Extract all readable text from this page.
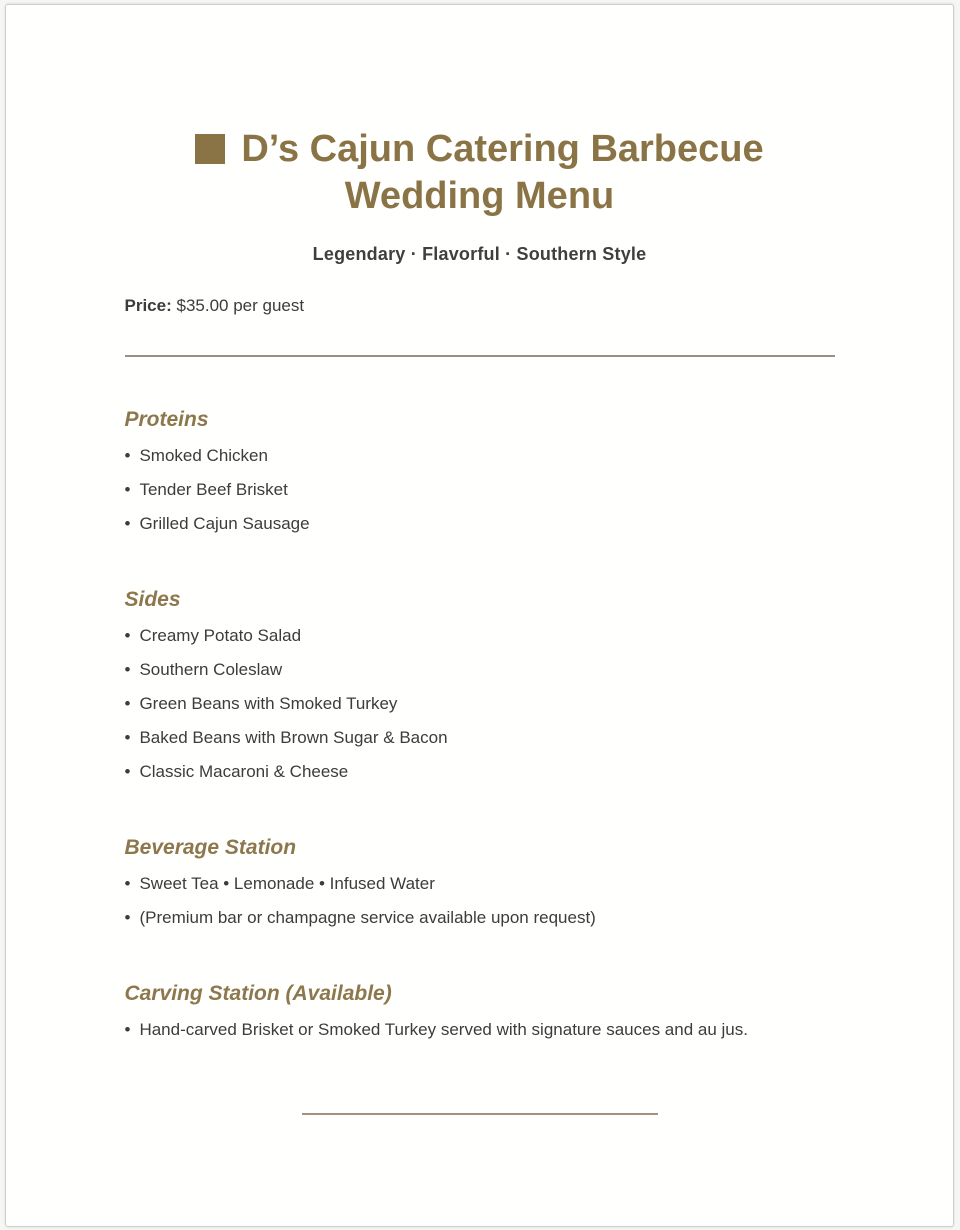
D’s Cajun Catering Barbecue
Wedding Menu
Legendary · Flavorful · Southern Style
Price: $35.00 per guest
Proteins
• Smoked Chicken
• Tender Beef Brisket
• Grilled Cajun Sausage
Sides
• Creamy Potato Salad
• Southern Coleslaw
• Green Beans with Smoked Turkey
• Baked Beans with Brown Sugar & Bacon
• Classic Macaroni & Cheese
Beverage Station
• Sweet Tea • Lemonade • Infused Water
• (Premium bar or champagne service available upon request)
Carving Station (Available)
• Hand-carved Brisket or Smoked Turkey served with signature sauces and au jus.
